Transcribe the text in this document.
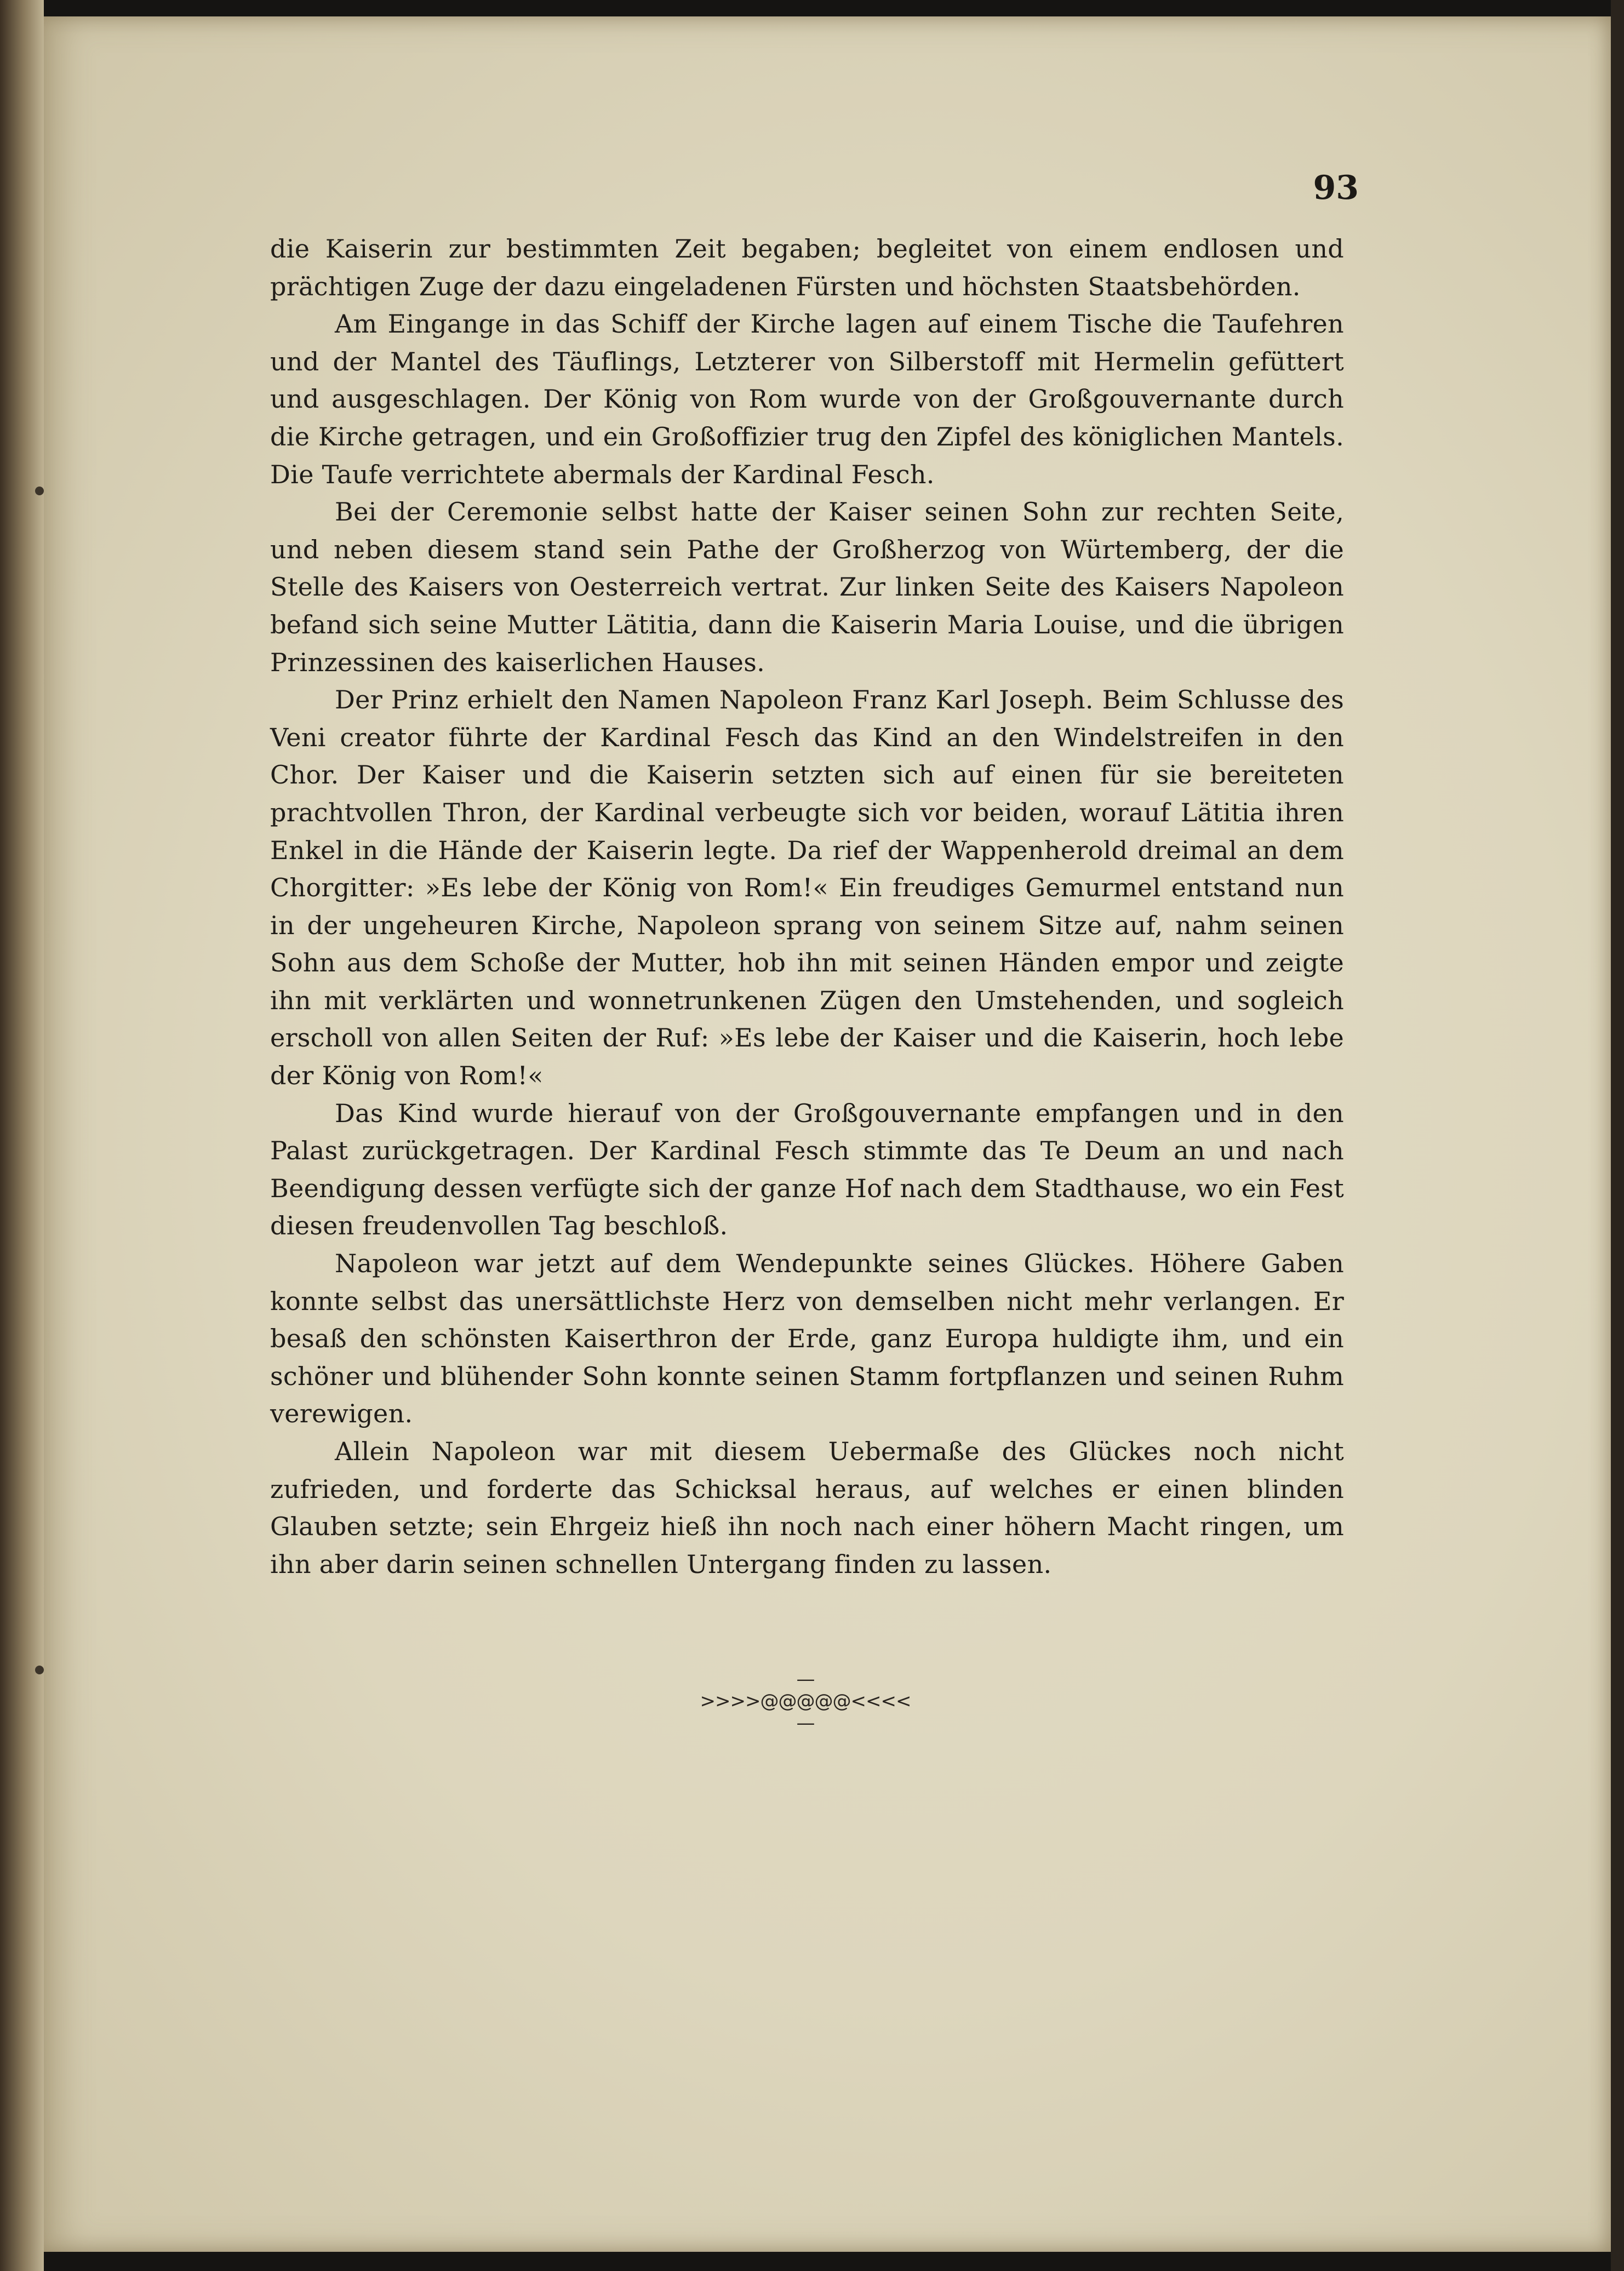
93

die Kaiserin zur bestimmten Zeit begaben; begleitet von einem endlosen und prächtigen Zuge der dazu eingeladenen Fürsten und höchsten Staatsbehörden.

Am Eingange in das Schiff der Kirche lagen auf einem Tische die Taufehren und der Mantel des Täuflings, Letzterer von Silberstoff mit Hermelin gefüttert und ausgeschlagen. Der König von Rom wurde von der Großgouvernante durch die Kirche getragen, und ein Großoffizier trug den Zipfel des königlichen Mantels. Die Taufe verrichtete abermals der Kardinal Fesch.

Bei der Ceremonie selbst hatte der Kaiser seinen Sohn zur rechten Seite, und neben diesem stand sein Pathe der Großherzog von Würtemberg, der die Stelle des Kaisers von Oesterreich vertrat. Zur linken Seite des Kaisers Napoleon befand sich seine Mutter Lätitia, dann die Kaiserin Maria Louise, und die übrigen Prinzessinen des kaiserlichen Hauses.

Der Prinz erhielt den Namen Napoleon Franz Karl Joseph. Beim Schlusse des Veni creator führte der Kardinal Fesch das Kind an den Windelstreifen in den Chor. Der Kaiser und die Kaiserin setzten sich auf einen für sie bereiteten prachtvollen Thron, der Kardinal verbeugte sich vor beiden, worauf Lätitia ihren Enkel in die Hände der Kaiserin legte. Da rief der Wappenherold dreimal an dem Chorgitter: »Es lebe der König von Rom!« Ein freudiges Gemurmel entstand nun in der ungeheuren Kirche, Napoleon sprang von seinem Sitze auf, nahm seinen Sohn aus dem Schoße der Mutter, hob ihn mit seinen Händen empor und zeigte ihn mit verklärten und wonnetrunkenen Zügen den Umstehenden, und sogleich erscholl von allen Seiten der Ruf: »Es lebe der Kaiser und die Kaiserin, hoch lebe der König von Rom!«

Das Kind wurde hierauf von der Großgouvernante empfangen und in den Palast zurückgetragen. Der Kardinal Fesch stimmte das Te Deum an und nach Beendigung dessen verfügte sich der ganze Hof nach dem Stadthause, wo ein Fest diesen freudenvollen Tag beschloß.

Napoleon war jetzt auf dem Wendepunkte seines Glückes. Höhere Gaben konnte selbst das unersättlichste Herz von demselben nicht mehr verlangen. Er besaß den schönsten Kaiserthron der Erde, ganz Europa huldigte ihm, und ein schöner und blühender Sohn konnte seinen Stamm fortpflanzen und seinen Ruhm verewigen.

Allein Napoleon war mit diesem Uebermaße des Glückes noch nicht zufrieden, und forderte das Schicksal heraus, auf welches er einen blinden Glauben setzte; sein Ehrgeiz hieß ihn noch nach einer höhern Macht ringen, um ihn aber darin seinen schnellen Untergang finden zu lassen.

—>>>>@@@@@<<<<—
